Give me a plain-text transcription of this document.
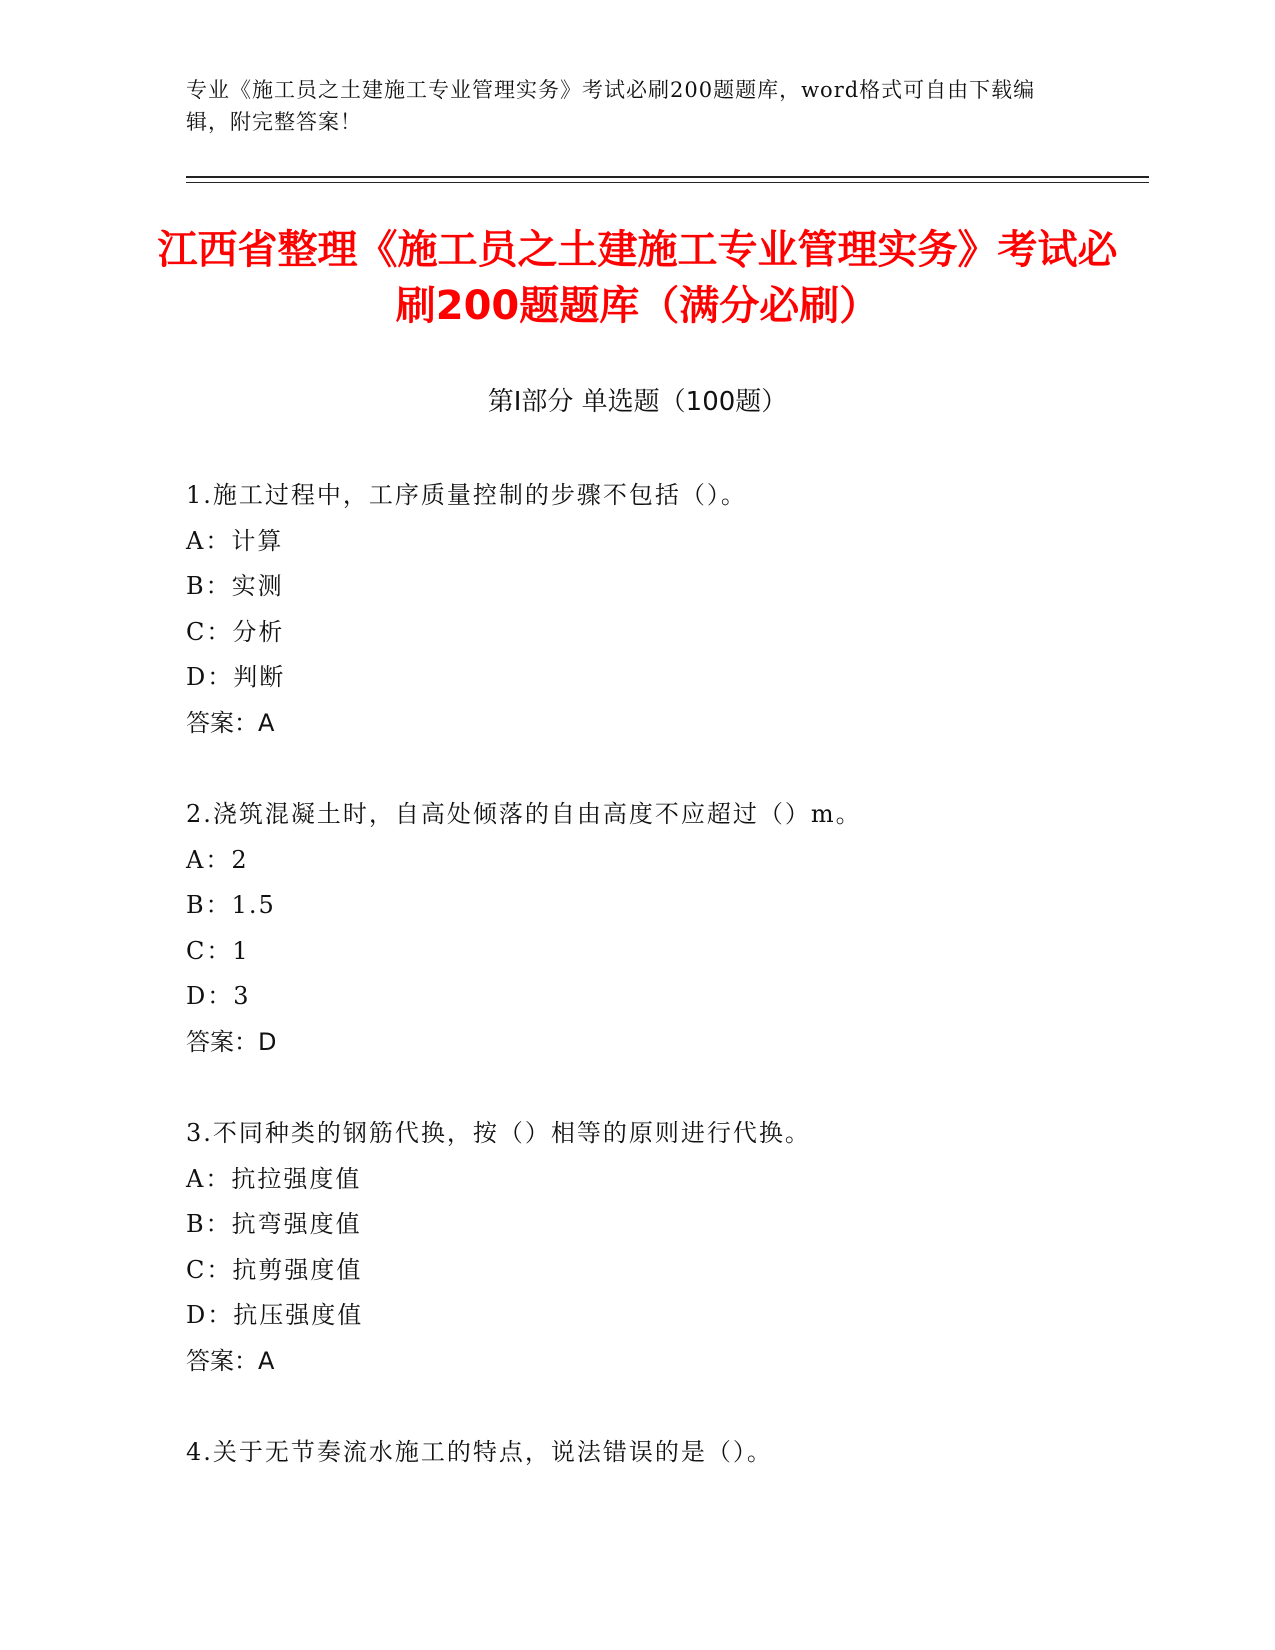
专业《施工员之土建施工专业管理实务》考试必刷200题题库，word格式可自由下载编辑，附完整答案！
江西省整理《施工员之土建施工专业管理实务》考试必刷200题题库（满分必刷）
第I部分 单选题（100题）
1.施工过程中，工序质量控制的步骤不包括（）。
A：计算
B：实测
C：分析
D：判断
答案：A
2.浇筑混凝土时，自高处倾落的自由高度不应超过（）m。
A：2
B：1.5
C：1
D：3
答案：D
3.不同种类的钢筋代换，按（）相等的原则进行代换。
A：抗拉强度值
B：抗弯强度值
C：抗剪强度值
D：抗压强度值
答案：A
4.关于无节奏流水施工的特点，说法错误的是（）。
